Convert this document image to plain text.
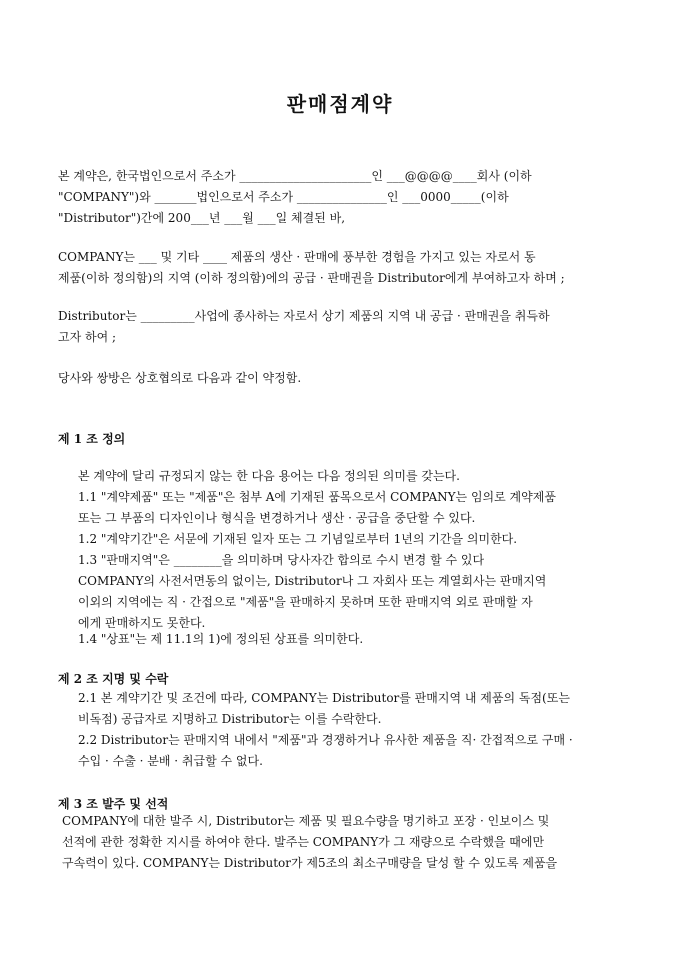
판매점계약
본 계약은, 한국법인으로서 주소가 ______________________인 ___@@@@____회사 (이하
"COMPANY")와 _______법인으로서 주소가 _______________인 ___0000_____(이하
"Distributor")간에 200___년 ___월 ___일 체결된 바,
COMPANY는 ___ 및 기타 ____ 제품의 생산 · 판매에 풍부한 경험을 가지고 있는 자로서 동
제품(이하 정의함)의 지역 (이하 정의함)에의 공급 · 판매권을 Distributor에게 부여하고자 하며 ;
Distributor는 _________사업에 종사하는 자로서 상기 제품의 지역 내 공급 · 판매권을 취득하
고자 하여 ;
당사와 쌍방은 상호협의로 다음과 같이 약정함.
제 1 조 정의
본 계약에 달리 규정되지 않는 한 다음 용어는 다음 정의된 의미를 갖는다.
1.1 "계약제품" 또는 "제품"은 첨부 A에 기재된 품목으로서 COMPANY는 임의로 계약제품
또는 그 부품의 디자인이나 형식을 변경하거나 생산 · 공급을 중단할 수 있다.
1.2 "계약기간"은 서문에 기재된 일자 또는 그 기념일로부터 1년의 기간을 의미한다.
1.3 "판매지역"은 ________을 의미하며 당사자간 합의로 수시 변경 할 수 있다
COMPANY의 사전서면동의 없이는, Distributor나 그 자회사 또는 계열회사는 판매지역
이외의 지역에는 직 · 간접으로 "제품"을 판매하지 못하며 또한 판매지역 외로 판매할 자
에게 판매하지도 못한다.
1.4 "상표"는 제 11.1의 1)에 정의된 상표를 의미한다.
제 2 조 지명 및 수락
2.1 본 계약기간 및 조건에 따라, COMPANY는 Distributor를 판매지역 내 제품의 독점(또는
비독점) 공급자로 지명하고 Distributor는 이를 수락한다.
2.2 Distributor는 판매지역 내에서 "제품"과 경쟁하거나 유사한 제품을 직· 간접적으로 구매 ·
수입 · 수출 · 분배 · 취급할 수 없다.
제 3 조 발주 및 선적
COMPANY에 대한 발주 시, Distributor는 제품 및 필요수량을 명기하고 포장 · 인보이스 및
선적에 관한 정확한 지시를 하여야 한다. 발주는 COMPANY가 그 재량으로 수락했을 때에만
구속력이 있다. COMPANY는 Distributor가 제5조의 최소구매량을 달성 할 수 있도록 제품을
